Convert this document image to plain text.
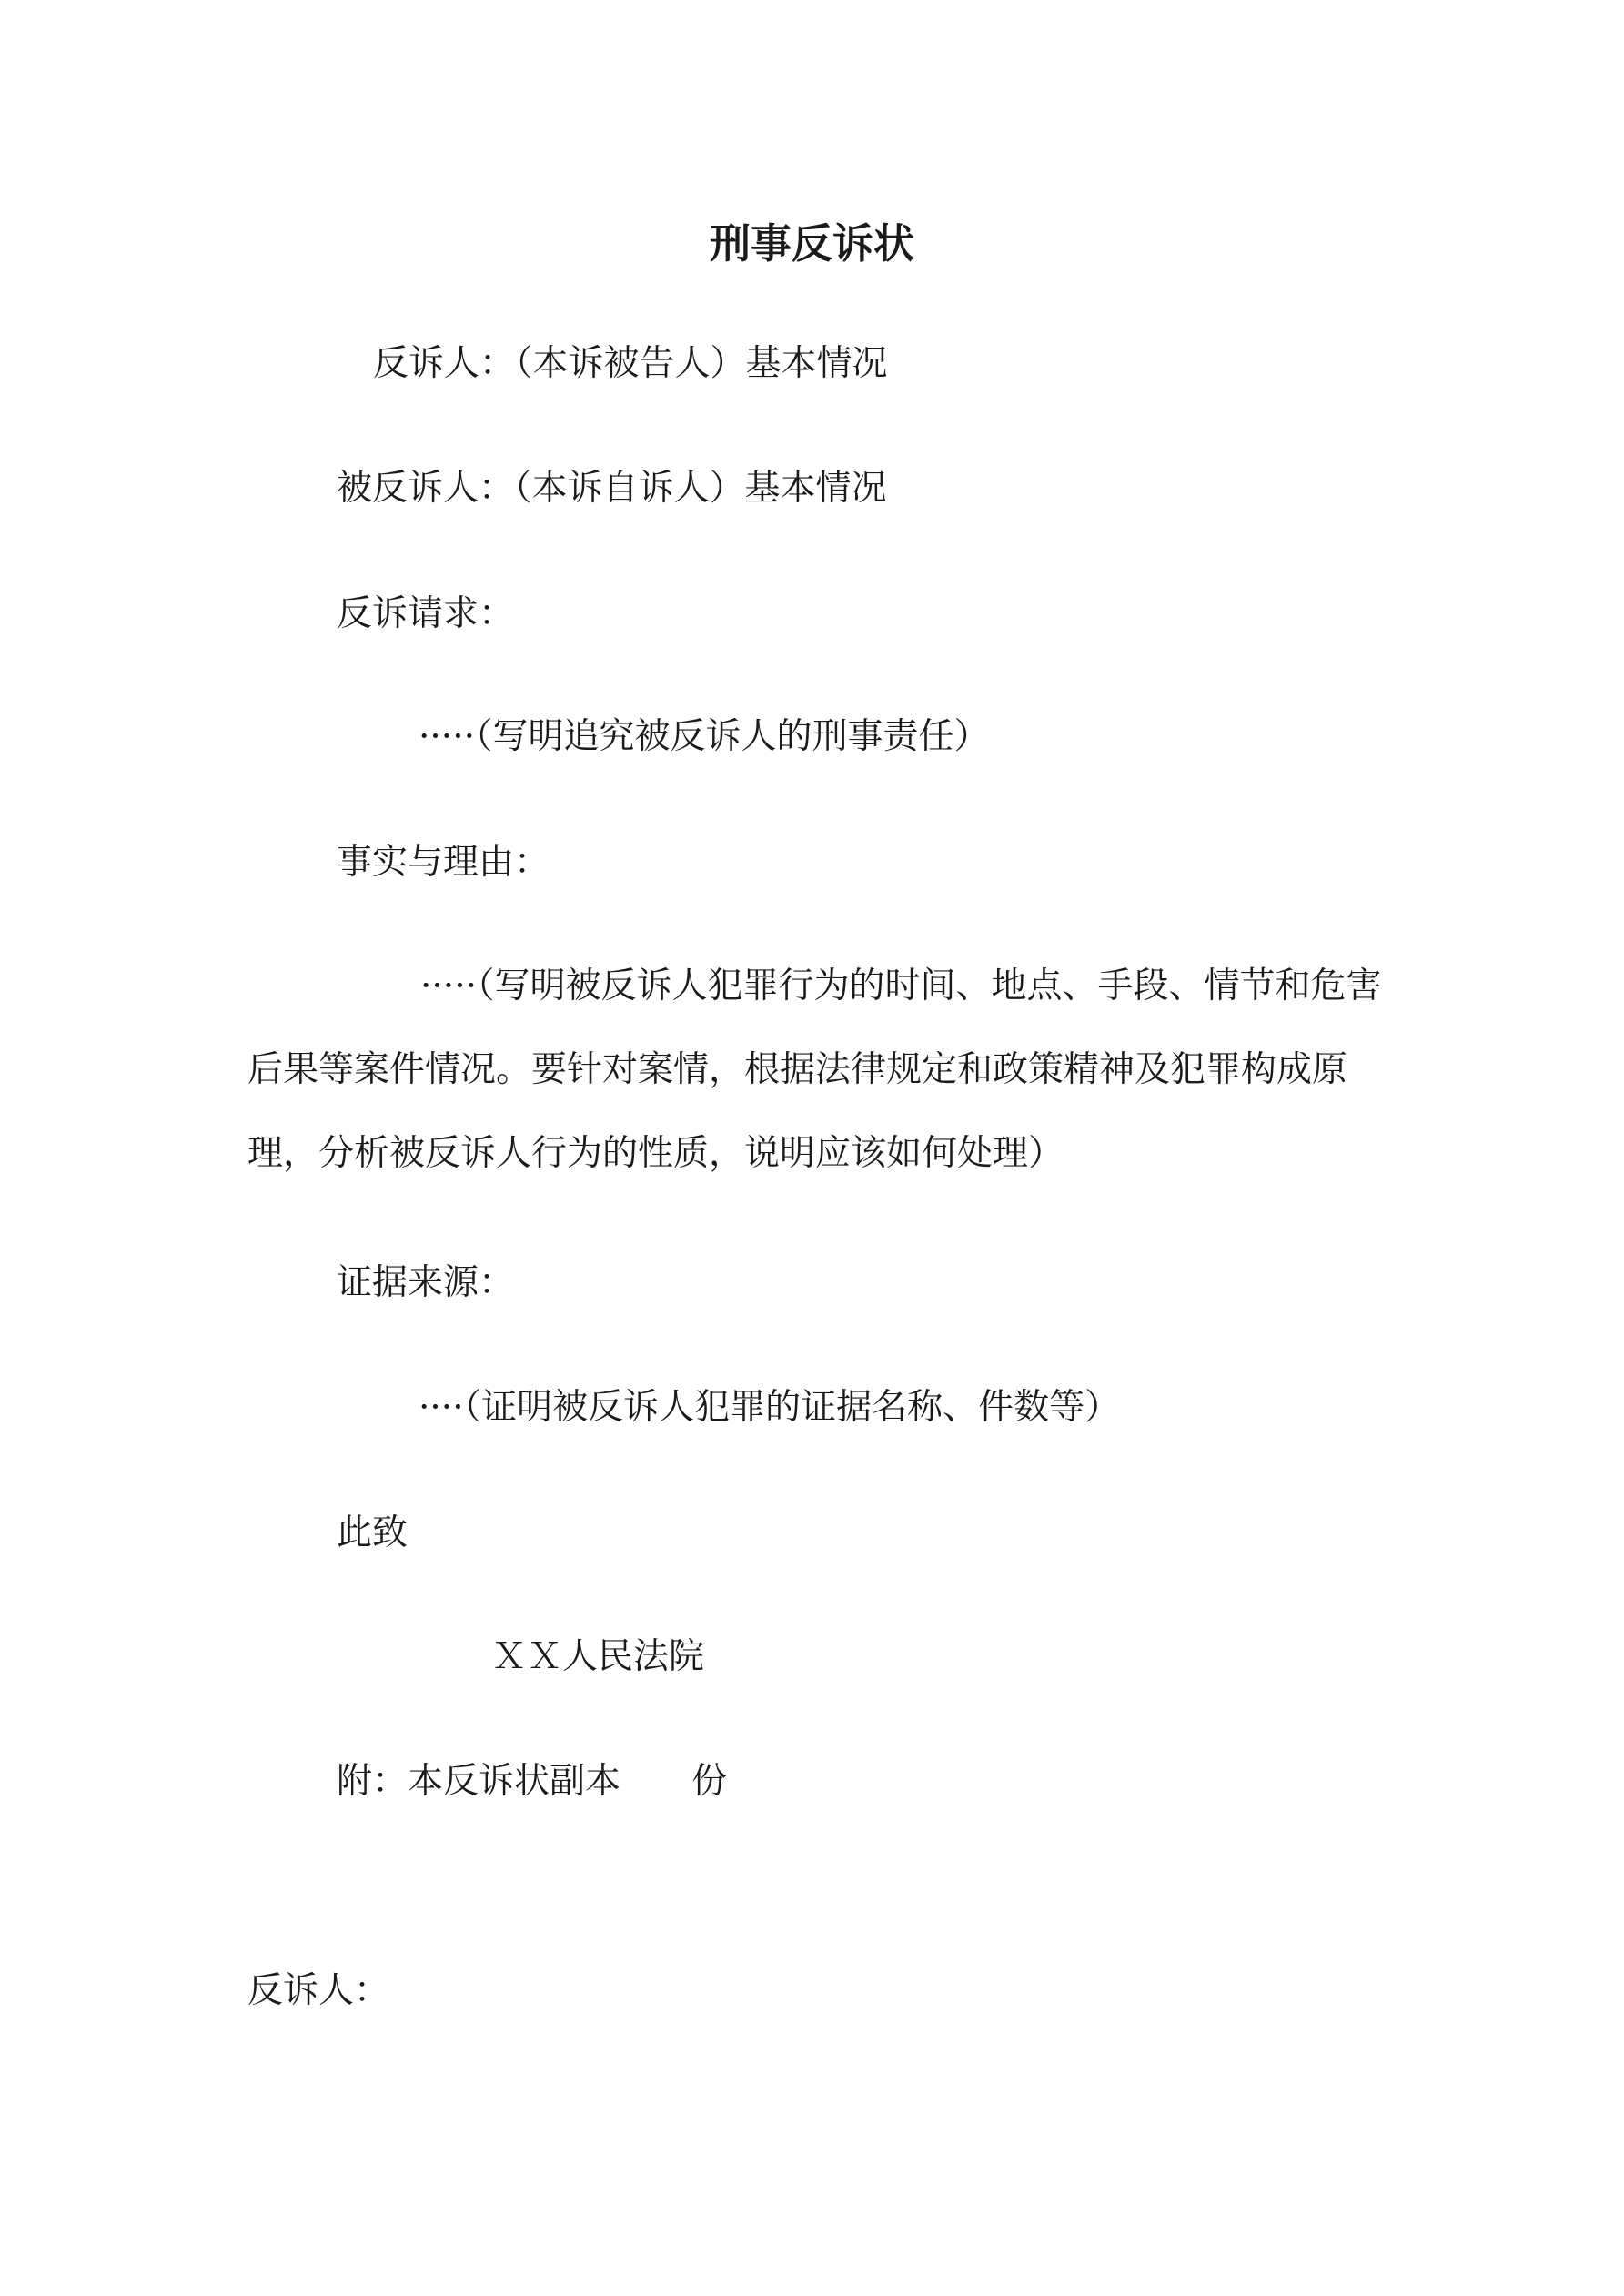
刑事反诉状
反诉人：（本诉被告人）基本情况
被反诉人：（本诉自诉人）基本情况
反诉请求：
·····（写明追究被反诉人的刑事责任）
事实与理由：
·····（写明被反诉人犯罪行为的时间、地点、手段、情节和危害后果等案件情况。要针对案情，根据法律规定和政策精神及犯罪构成原理，分析被反诉人行为的性质，说明应该如何处理）
证据来源：
····（证明被反诉人犯罪的证据名称、件数等）
此致
ＸＸ人民法院
附：本反诉状副本　　份
反诉人：
